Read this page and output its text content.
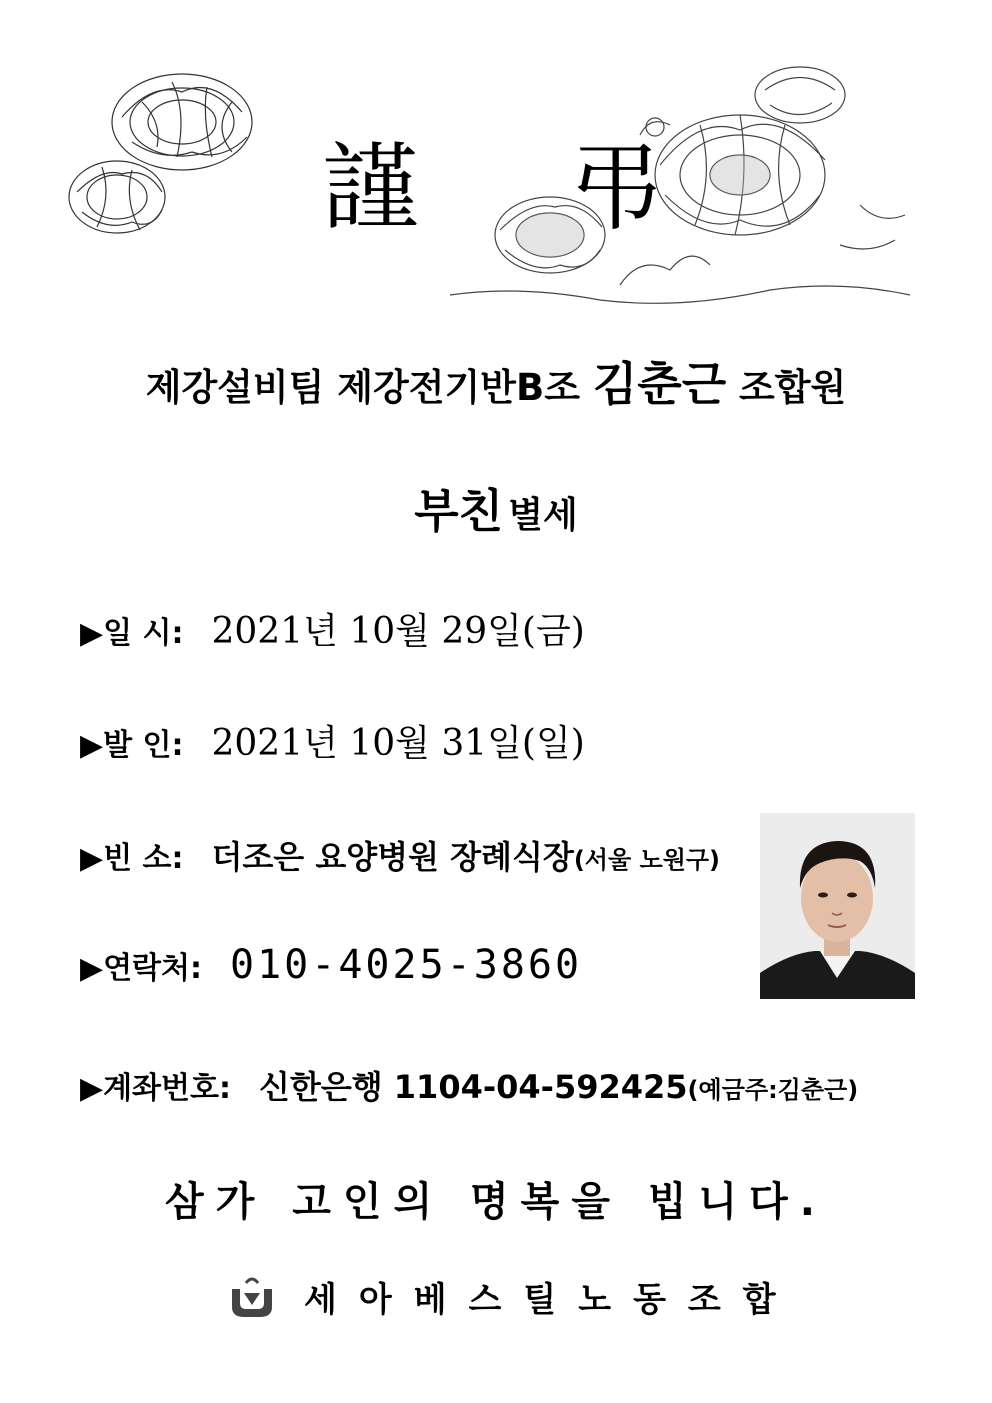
謹 弔
제강설비팀 제강전기반B조 김춘근 조합원
부친 별세
▶일 시: 2021년 10월 29일(금)
▶발 인: 2021년 10월 31일(일)
▶빈 소: 더조은 요양병원 장례식장 (서울 노원구)
▶연락처: 010-4025-3860
▶계좌번호: 신한은행 1104-04-592425 (예금주:김춘근)
삼가 고인의 명복을 빕니다.
세아베스틸노동조합
